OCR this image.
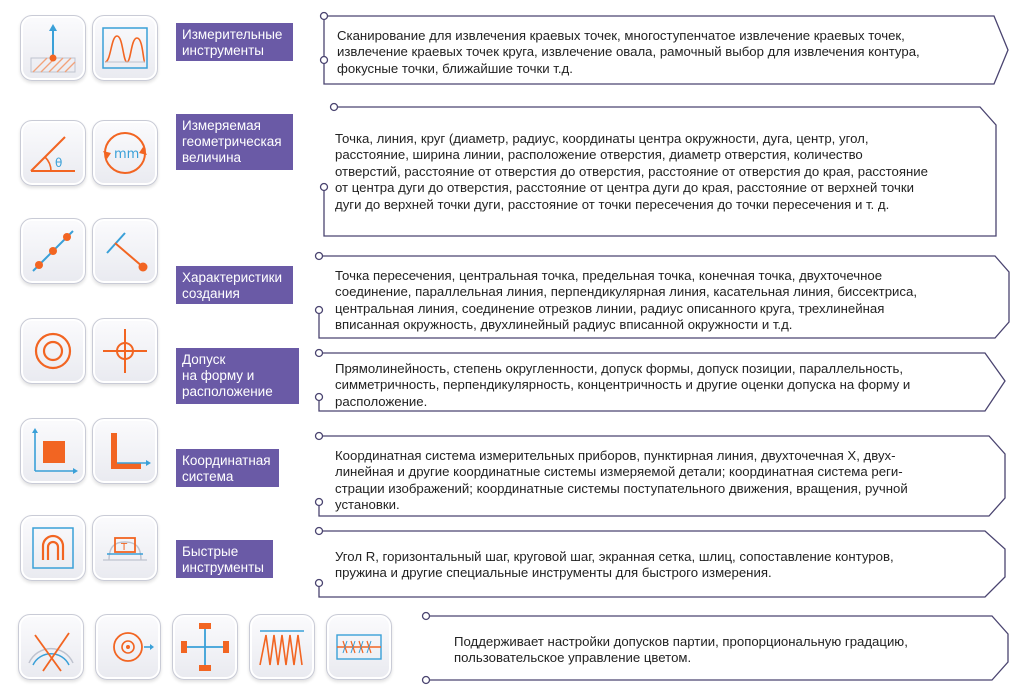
Измерительные
инструменты
Сканирование для извлечения краевых точек, многоступенчатое извлечение краевых точек,
извлечение краевых точек круга, извлечение овала, рамочный выбор для извлечения контура,
фокусные точки, ближайшие точки т.д.
θ
mm
Измеряемая
геометрическая
величина
Точка, линия, круг (диаметр, радиус, координаты центра окружности, дуга, центр, угол,
расстояние, ширина линии, расположение отверстия, диаметр отверстия, количество
отверстий, расстояние от отверстия до отверстия, расстояние от отверстия до края, расстояние
от центра дуги до отверстия, расстояние от центра дуги до края, расстояние от верхней точки
дуги до верхней точки дуги, расстояние от точки пересечения до точки пересечения и т. д.
Характеристики
создания
Точка пересечения, центральная точка, предельная точка, конечная точка, двухточечное
соединение, параллельная линия, перпендикулярная линия, касательная линия, биссектриса,
центральная линия, соединение отрезков линии, радиус описанного круга, трехлинейная
вписанная окружность, двухлинейный радиус вписанной окружности и т.д.
Допуск
на форму и
расположение
Прямолинейность, степень округленности, допуск формы, допуск позиции, параллельность,
симметричность, перпендикулярность, концентричность и другие оценки допуска на форму и
расположение.
Координатная
система
Координатная система измерительных приборов, пунктирная линия, двухточечная X, двух-
линейная и другие координатные системы измеряемой детали; координатная система реги-
страции изображений; координатные системы поступательного движения, вращения, ручной
установки.
T	Быстрые
инструменты
Угол R, горизонтальный шаг, круговой шаг, экранная сетка, шлиц, сопоставление контуров,
пружина и другие специальные инструменты для быстрого измерения.
Поддерживает настройки допусков партии, пропорциональную градацию,
пользовательское управление цветом.
